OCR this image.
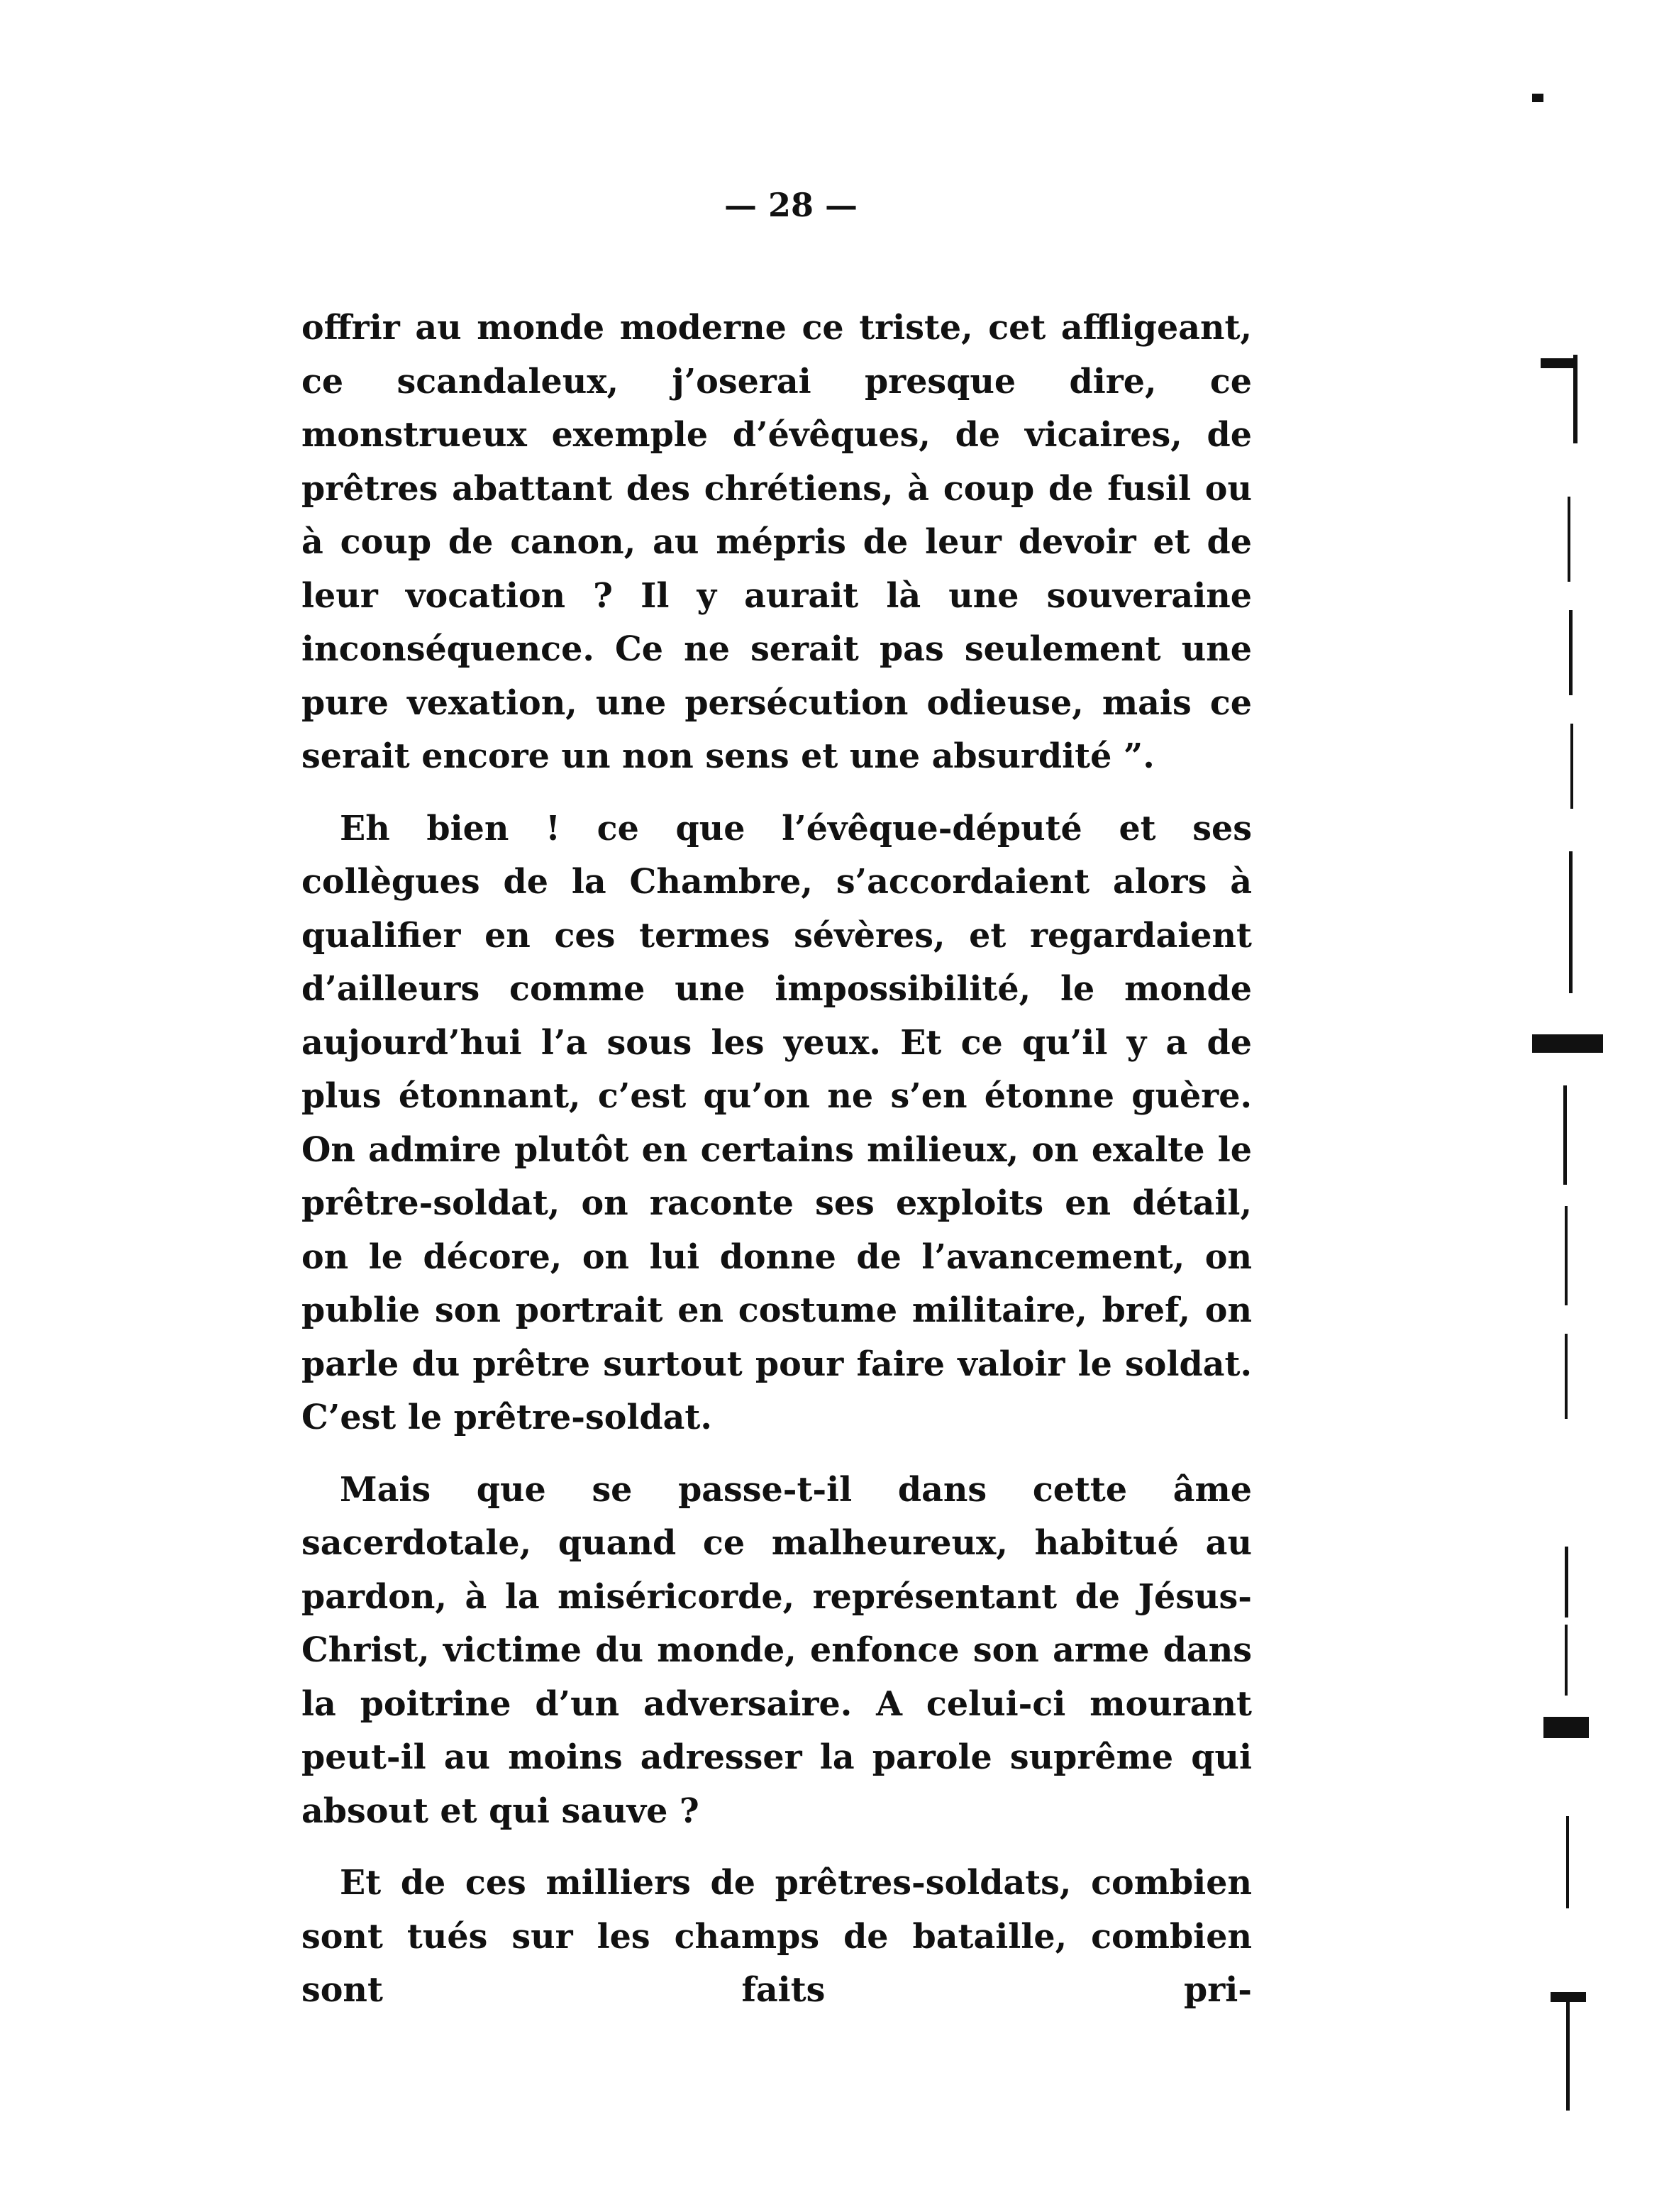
— 28 —

offrir au monde moderne ce triste, cet affligeant, ce scandaleux, j’oserai presque dire, ce monstrueux exemple d’évêques, de vicaires, de prêtres abattant des chrétiens, à coup de fusil ou à coup de canon, au mépris de leur devoir et de leur vocation ? Il y aurait là une souveraine inconséquence. Ce ne serait pas seulement une pure vexation, une persécution odieuse, mais ce serait encore un non sens et une absurdité ”.

Eh bien ! ce que l’évêque-député et ses collègues de la Chambre, s’accordaient alors à qualifier en ces termes sévères, et regardaient d’ailleurs comme une impossibilité, le monde aujourd’hui l’a sous les yeux. Et ce qu’il y a de plus étonnant, c’est qu’on ne s’en étonne guère. On admire plutôt en certains milieux, on exalte le prêtre-soldat, on raconte ses exploits en détail, on le décore, on lui donne de l’avancement, on publie son portrait en costume militaire, bref, on parle du prêtre surtout pour faire valoir le soldat. C’est le prêtre-soldat.

Mais que se passe-t-il dans cette âme sacerdotale, quand ce malheureux, habitué au pardon, à la miséricorde, représentant de Jésus-Christ, victime du monde, enfonce son arme dans la poitrine d’un adversaire. A celui-ci mourant peut-il au moins adresser la parole suprême qui absout et qui sauve ?

Et de ces milliers de prêtres-soldats, combien sont tués sur les champs de bataille, combien sont faits pri-
